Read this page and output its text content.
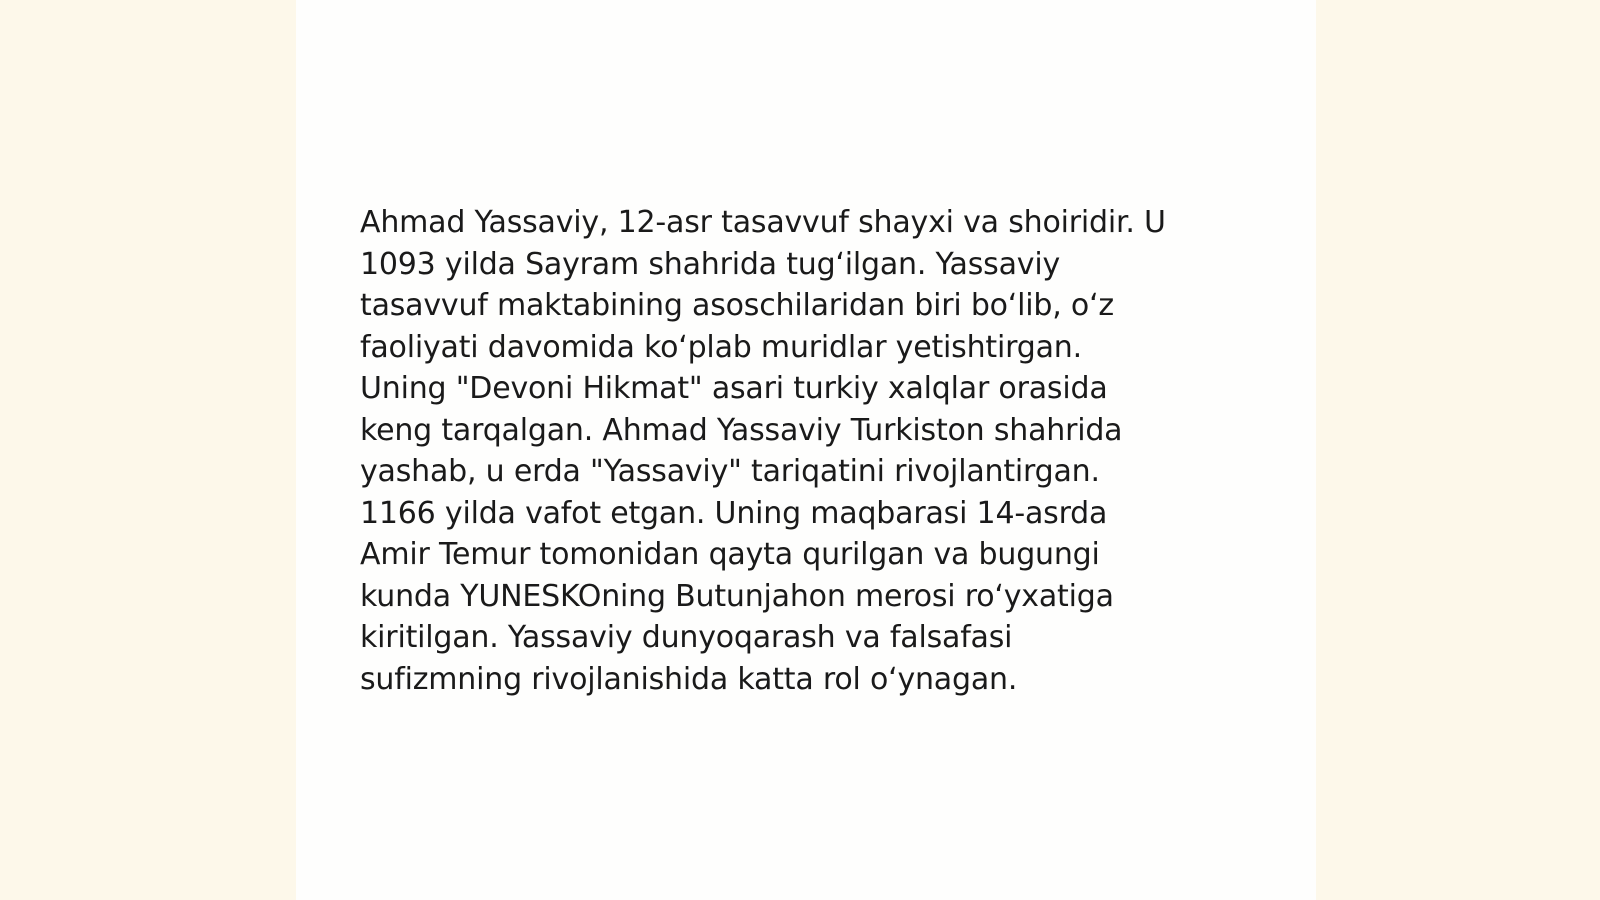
Ahmad Yassaviy, 12-asr tasavvuf shayxi va shoiridir. U
1093 yilda Sayram shahrida tug‘ilgan. Yassaviy
tasavvuf maktabining asoschilaridan biri bo‘lib, o‘z
faoliyati davomida ko‘plab muridlar yetishtirgan.
Uning "Devoni Hikmat" asari turkiy xalqlar orasida
keng tarqalgan. Ahmad Yassaviy Turkiston shahrida
yashab, u erda "Yassaviy" tariqatini rivojlantirgan.
1166 yilda vafot etgan. Uning maqbarasi 14-asrda
Amir Temur tomonidan qayta qurilgan va bugungi
kunda YUNESKOning Butunjahon merosi ro‘yxatiga
kiritilgan. Yassaviy dunyoqarash va falsafasi
sufizmning rivojlanishida katta rol o‘ynagan.
